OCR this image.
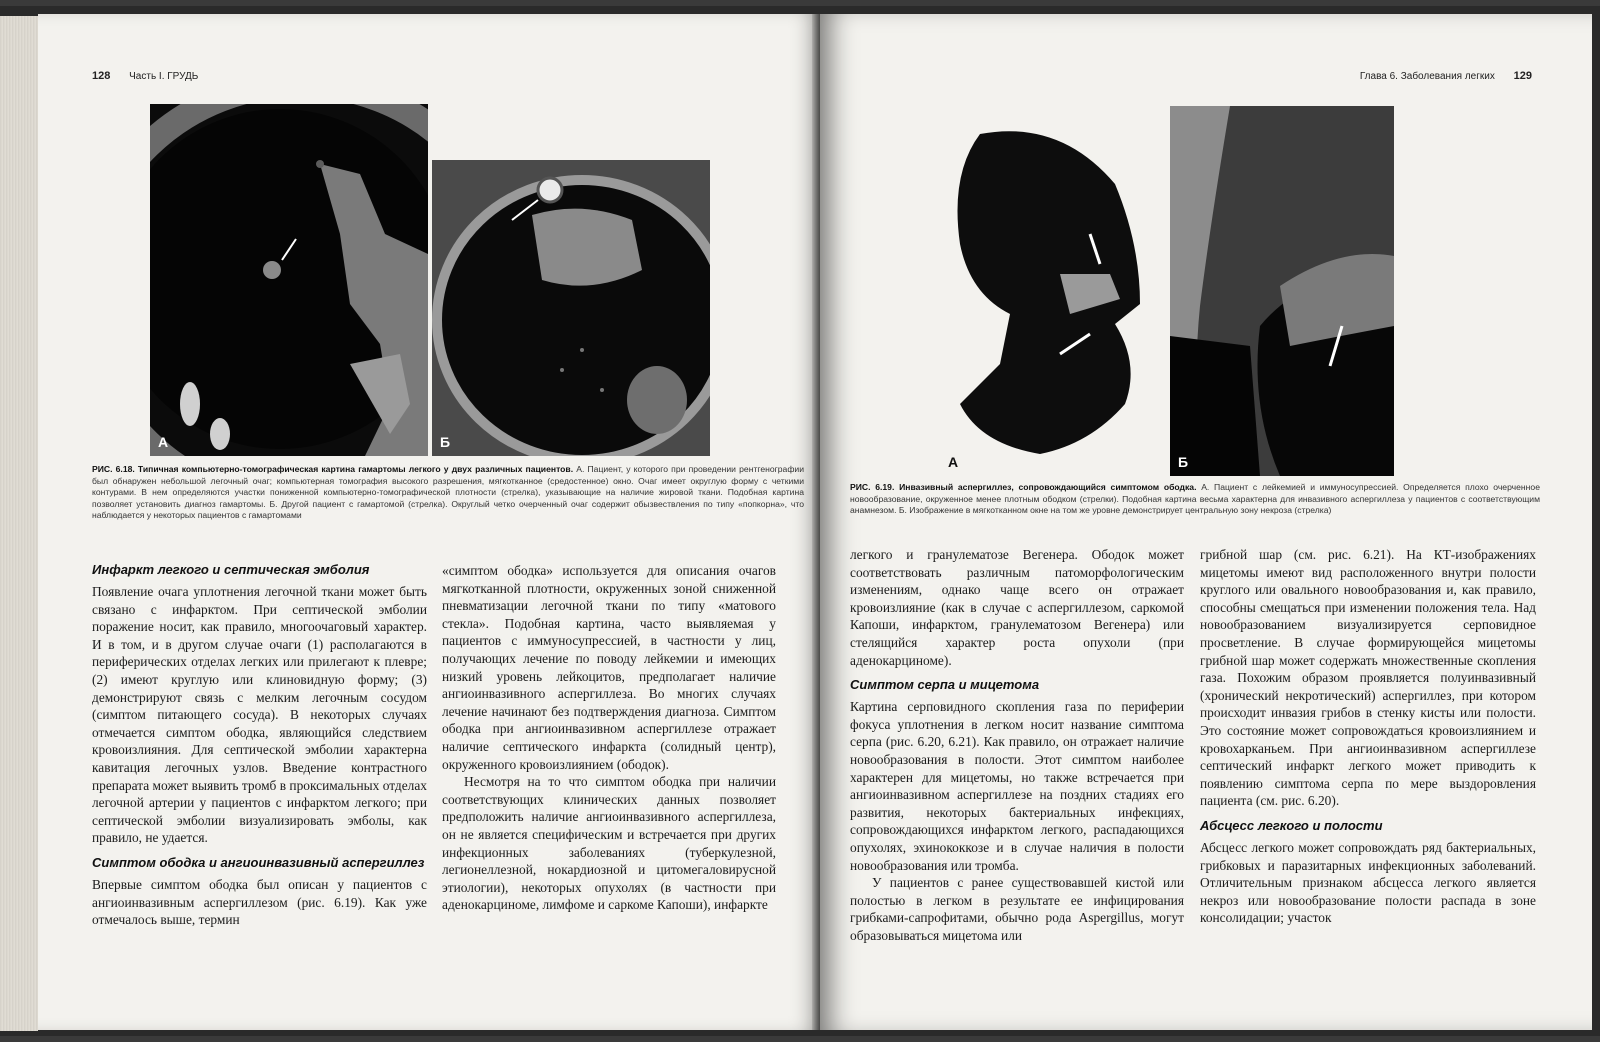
128 Часть I. ГРУДЬ
А	Б
РИС. 6.18. Типичная компьютерно-томографическая картина гамартомы легкого у двух различных пациентов. А. Пациент, у которого при проведении рентгенографии был обнаружен небольшой легочный очаг; компьютерная томография высокого разрешения, мягкотканное (средостенное) окно. Очаг имеет округлую форму с четкими контурами. В нем определяются участки пониженной компьютерно-томографической плотности (стрелка), указывающие на наличие жировой ткани. Подобная картина позволяет установить диагноз гамартомы. Б. Другой пациент с гамартомой (стрелка). Округлый четко очерченный очаг содержит обызвествления по типу «попкорна», что наблюдается у некоторых пациентов с гамартомами
Инфаркт легкого и септическая эмболия

Появление очага уплотнения легочной ткани может быть связано с инфарктом. При септической эмболии поражение носит, как правило, многоочаговый характер. И в том, и в другом случае очаги (1) располагаются в периферических отделах легких или прилегают к плевре; (2) имеют круглую или клиновидную форму; (3) демонстрируют связь с мелким легочным сосудом (симптом питающего сосуда). В некоторых случаях отмечается симптом ободка, являющийся следствием кровоизлияния. Для септической эмболии характерна кавитация легочных узлов. Введение контрастного препарата может выявить тромб в проксимальных отделах легочной артерии у пациентов с инфарктом легкого; при септической эмболии визуализировать эмболы, как правило, не удается.

Симптом ободка и ангиоинвазивный аспергиллез

Впервые симптом ободка был описан у пациентов с ангиоинвазивным аспергиллезом (рис. 6.19). Как уже отмечалось выше, термин

«симптом ободка» используется для описания очагов мягкотканной плотности, окруженных зоной сниженной пневматизации легочной ткани по типу «матового стекла». Подобная картина, часто выявляемая у пациентов с иммуносупрессией, в частности у лиц, получающих лечение по поводу лейкемии и имеющих низкий уровень лейкоцитов, предполагает наличие ангиоинвазивного аспергиллеза. Во многих случаях лечение начинают без подтверждения диагноза. Симптом ободка при ангиоинвазивном аспергиллезе отражает наличие септического инфаркта (солидный центр), окруженного кровоизлиянием (ободок).

Несмотря на то что симптом ободка при наличии соответствующих клинических данных позволяет предположить наличие ангиоинвазивного аспергиллеза, он не является специфическим и встречается при других инфекционных заболеваниях (туберкулезной, легионеллезной, нокардиозной и цитомегаловирусной этиологии), некоторых опухолях (в частности при аденокарциноме, лимфоме и саркоме Капоши), инфаркте

Глава 6. Заболевания легких 129
А	Б
РИС. 6.19. Инвазивный аспергиллез, сопровождающийся симптомом ободка. А. Пациент с лейкемией и иммуносупрессией. Определяется плохо очерченное новообразование, окруженное менее плотным ободком (стрелки). Подобная картина весьма характерна для инвазивного аспергиллеза у пациентов с соответствующим анамнезом. Б. Изображение в мягкотканном окне на том же уровне демонстрирует центральную зону некроза (стрелка)

легкого и гранулематозе Вегенера. Ободок может соответствовать различным патоморфологическим изменениям, однако чаще всего он отражает кровоизлияние (как в случае с аспергиллезом, саркомой Капоши, инфарктом, гранулематозом Вегенера) или стелящийся характер роста опухоли (при аденокарциноме).

Симптом серпа и мицетома

Картина серповидного скопления газа по периферии фокуса уплотнения в легком носит название симптома серпа (рис. 6.20, 6.21). Как правило, он отражает наличие новообразования в полости. Этот симптом наиболее характерен для мицетомы, но также встречается при ангиоинвазивном аспергиллезе на поздних стадиях его развития, некоторых бактериальных инфекциях, сопровождающихся инфарктом легкого, распадающихся опухолях, эхинококкозе и в случае наличия в полости новообразования или тромба.

У пациентов с ранее существовавшей кистой или полостью в легком в результате ее инфицирования грибками-сапрофитами, обычно рода Aspergillus, могут образовываться мицетома или

грибной шар (см. рис. 6.21). На КТ-изображениях мицетомы имеют вид расположенного внутри полости круглого или овального новообразования и, как правило, способны смещаться при изменении положения тела. Над новообразованием визуализируется серповидное просветление. В случае формирующейся мицетомы грибной шар может содержать множественные скопления газа. Похожим образом проявляется полуинвазивный (хронический некротический) аспергиллез, при котором происходит инвазия грибов в стенку кисты или полости. Это состояние может сопровождаться кровоизлиянием и кровохарканьем. При ангиоинвазивном аспергиллезе септический инфаркт легкого может приводить к появлению симптома серпа по мере выздоровления пациента (см. рис. 6.20).

Абсцесс легкого и полости

Абсцесс легкого может сопровождать ряд бактериальных, грибковых и паразитарных инфекционных заболеваний. Отличительным признаком абсцесса легкого является некроз или новообразование полости распада в зоне консолидации; участок
